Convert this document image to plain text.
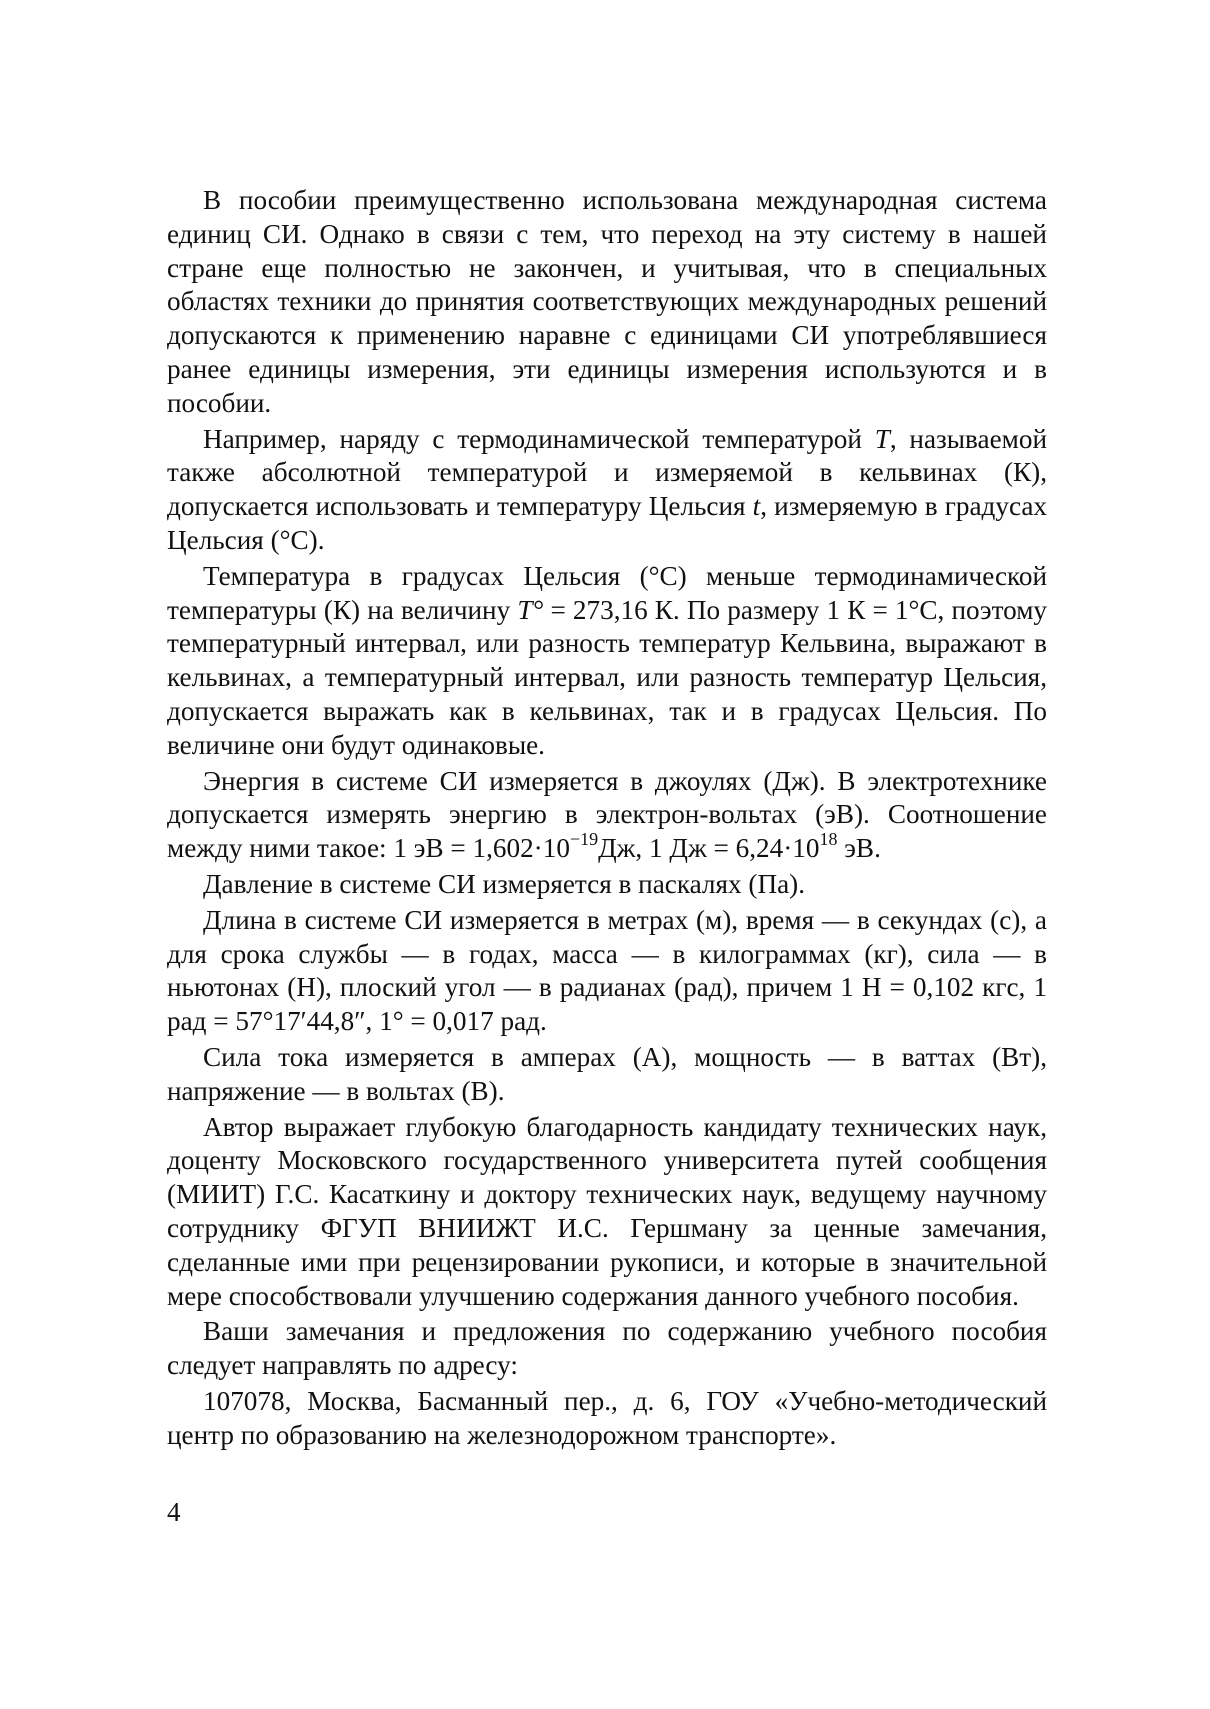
В пособии преимущественно использована международная система единиц СИ. Однако в связи с тем, что переход на эту систему в нашей стране еще полностью не закончен, и учитывая, что в специальных областях техники до принятия соответствующих международных решений допускаются к применению наравне с единицами СИ употреблявшиеся ранее единицы измерения, эти единицы измерения используются и в пособии.

Например, наряду с термодинамической температурой T, называемой также абсолютной температурой и измеряемой в кельвинах (К), допускается использовать и температуру Цельсия t, измеряемую в градусах Цельсия (°С).

Температура в градусах Цельсия (°С) меньше термодинамической температуры (К) на величину T° = 273,16 К. По размеру 1 К = 1°С, поэтому температурный интервал, или разность температур Кельвина, выражают в кельвинах, а температурный интервал, или разность температур Цельсия, допускается выражать как в кельвинах, так и в градусах Цельсия. По величине они будут одинаковые.

Энергия в системе СИ измеряется в джоулях (Дж). В электротехнике допускается измерять энергию в электрон-вольтах (эВ). Соотношение между ними такое: 1 эВ = $1,602\cdot 10^{-19}Дж$, 1 Дж = $6,24\cdot 10^{18}$ эВ.

Давление в системе СИ измеряется в паскалях (Па).

Длина в системе СИ измеряется в метрах (м), время — в секундах (с), а для срока службы — в годах, масса — в килограммах (кг), сила — в ньютонах (Н), плоский угол — в радианах (рад), причем 1 Н = 0,102 кгс, 1 рад = 57°17′44,8″, 1° = 0,017 рад.

Сила тока измеряется в амперах (А), мощность — в ваттах (Вт), напряжение — в вольтах (В).

Автор выражает глубокую благодарность кандидату технических наук, доценту Московского государственного университета путей сообщения (МИИТ) Г.С. Касаткину и доктору технических наук, ведущему научному сотруднику ФГУП ВНИИЖТ И.С. Гершману за ценные замечания, сделанные ими при рецензировании рукописи, и которые в значительной мере способствовали улучшению содержания данного учебного пособия.

Ваши замечания и предложения по содержанию учебного пособия следует направлять по адресу:

107078, Москва, Басманный пер., д. 6, ГОУ «Учебно-методический центр по образованию на железнодорожном транспорте».

4
